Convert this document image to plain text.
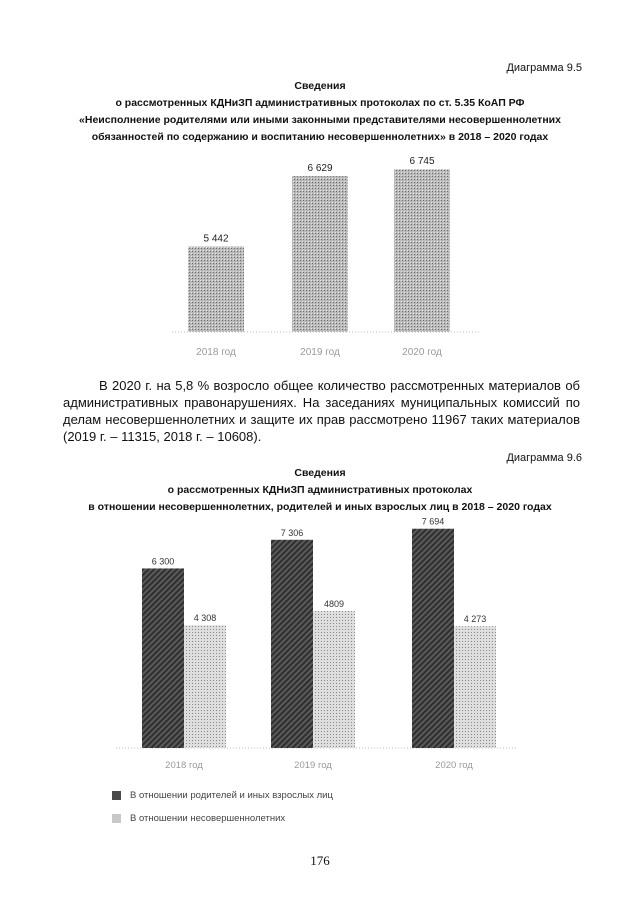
Диаграмма 9.5
Сведения
о рассмотренных КДНиЗП административных протоколах по ст. 5.35 КоАП РФ
«Неисполнение родителями или иными законными представителями несовершеннолетних
обязанностей по содержанию и воспитанию несовершеннолетних» в 2018 – 2020 годах
5 442
2018 год
6 629
2019 год
6 745
2020 год

В 2020 г. на 5,8 % возросло общее количество рассмотренных материалов об административных правонарушениях. На заседаниях муниципальных комиссий по делам несовершеннолетних и защите их прав рассмотрено 11967 таких материалов (2019 г. – 11315, 2018 г. – 10608).

Диаграмма 9.6
Сведения
о рассмотренных КДНиЗП административных протоколах
в отношении несовершеннолетних, родителей и иных взрослых лиц в 2018 – 2020 годах
6 300
4 308
2018 год
7 306
4809
2019 год
7 694
4 273
2020 год
В отношении родителей и иных взрослых лиц
В отношении несовершеннолетних
176
